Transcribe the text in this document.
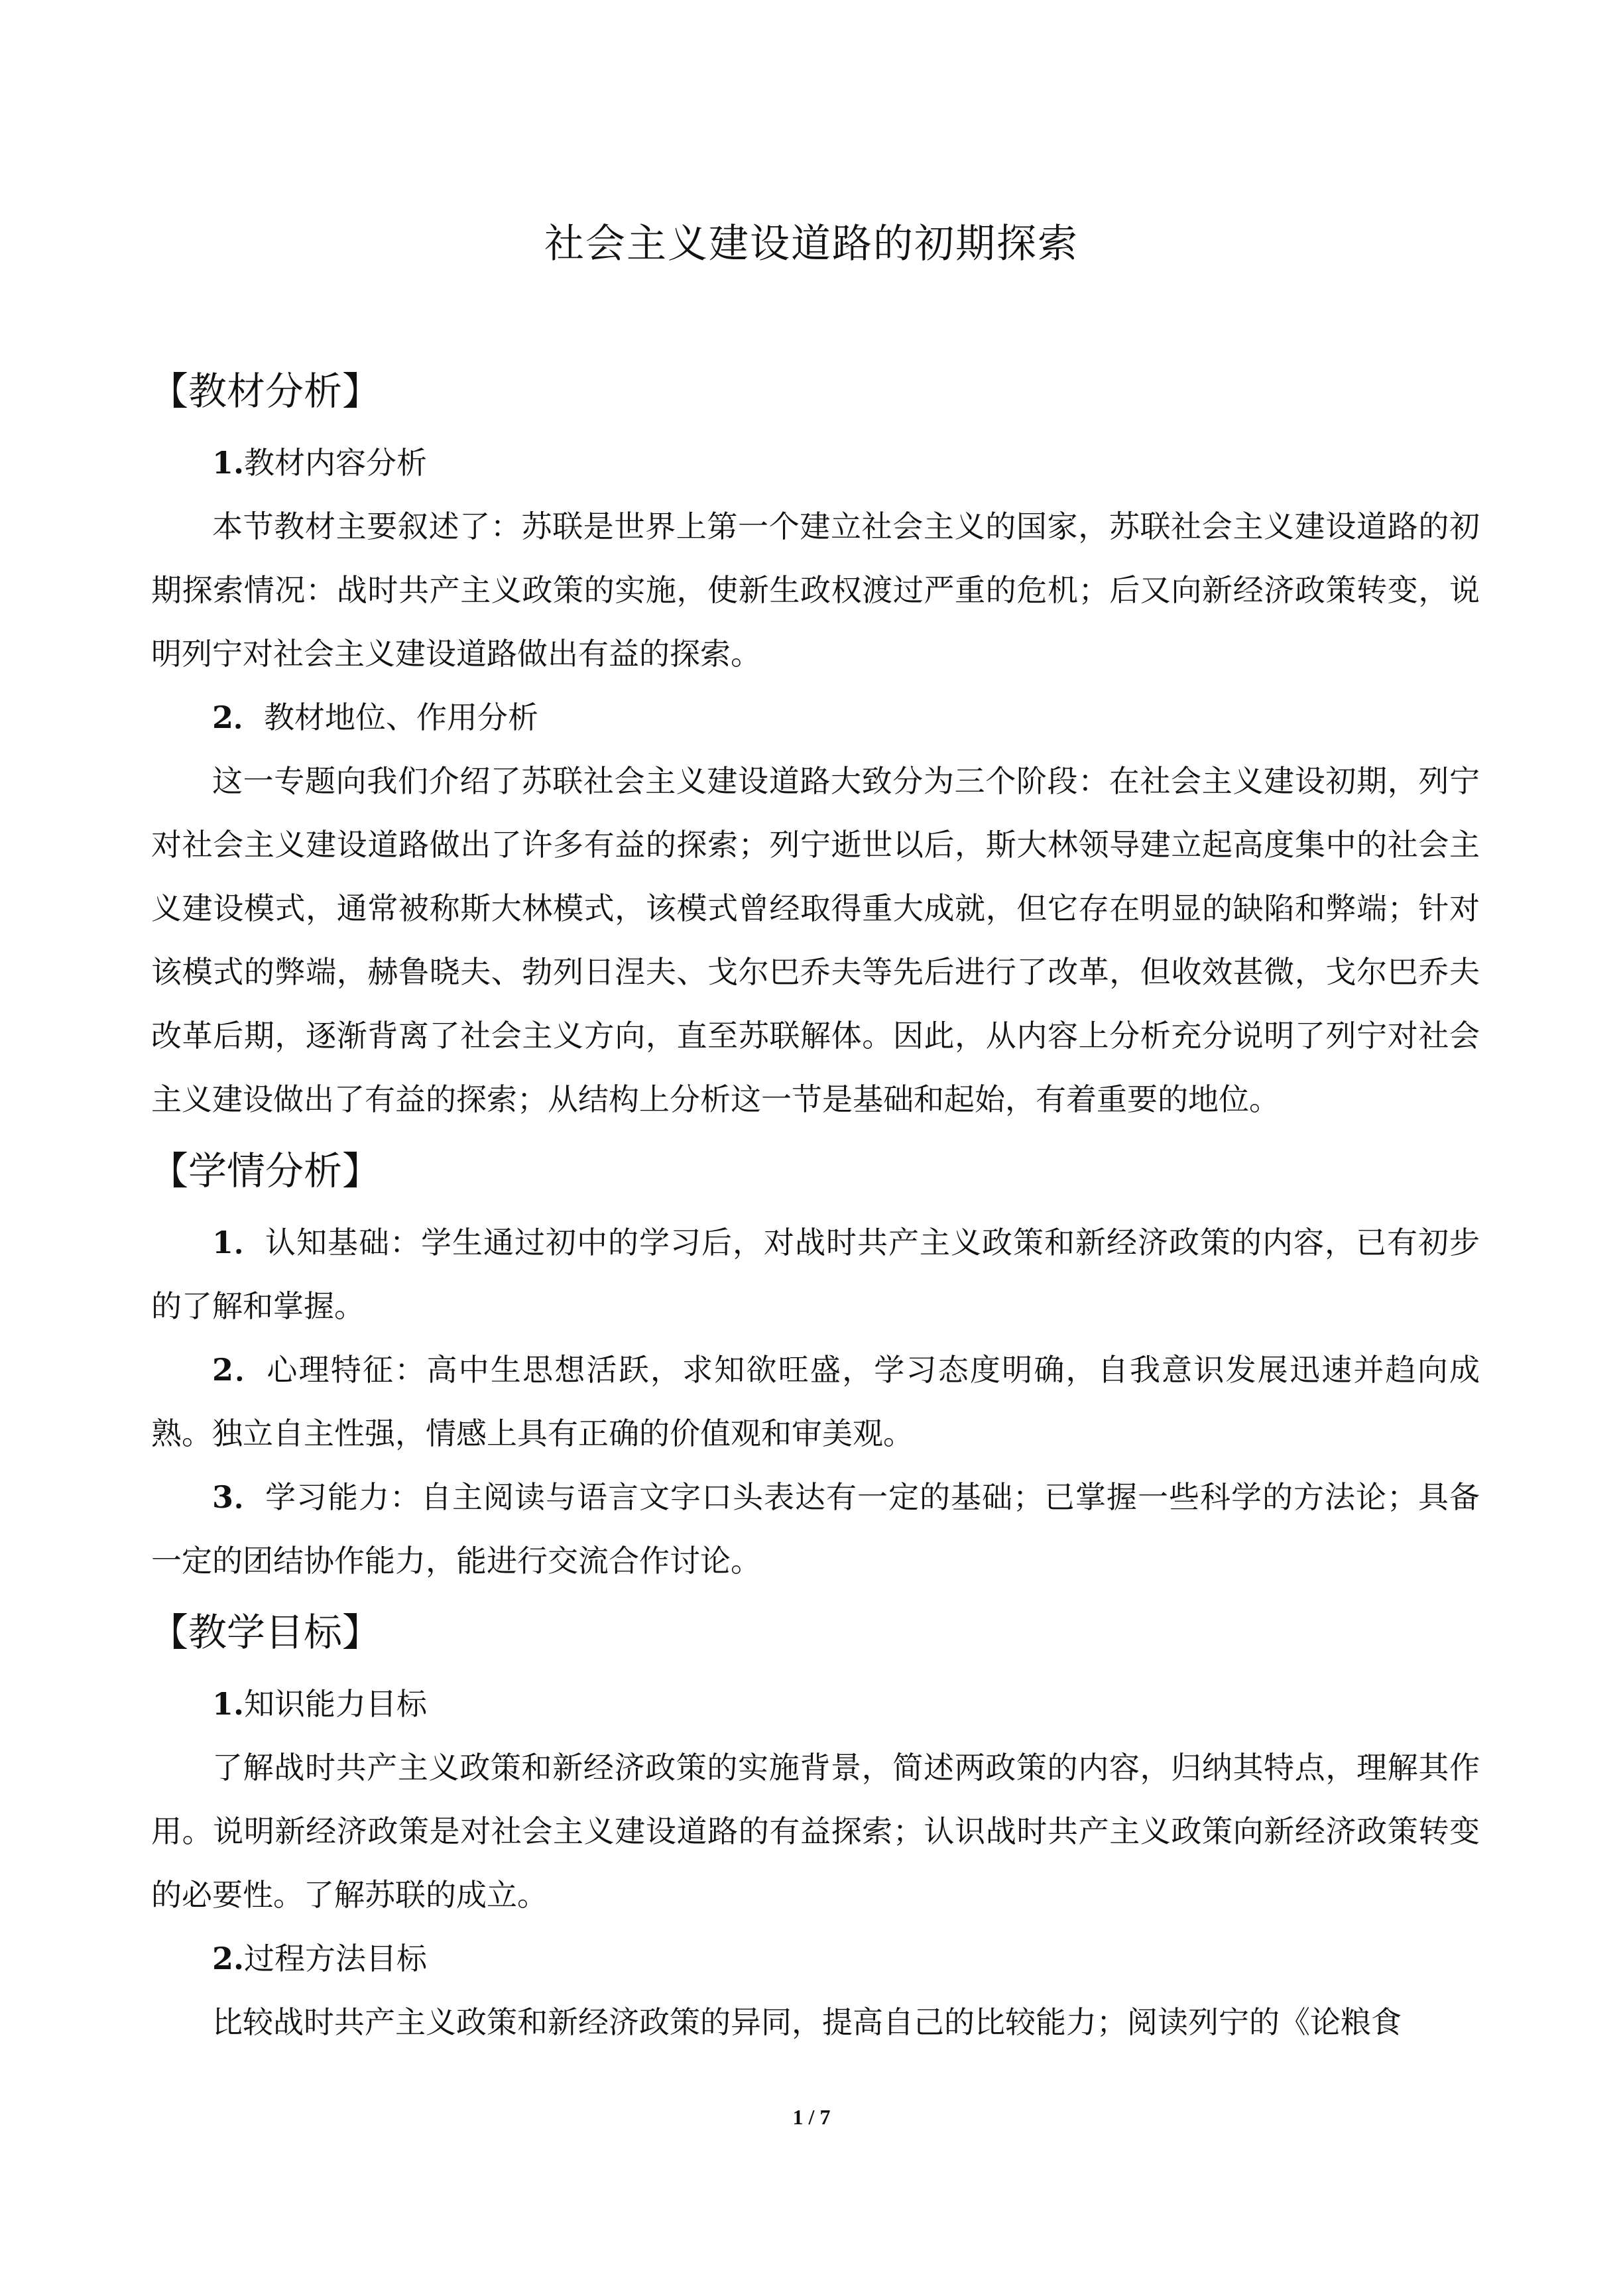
社会主义建设道路的初期探索
【教材分析】
1.教材内容分析

本节教材主要叙述了：苏联是世界上第一个建立社会主义的国家，苏联社会主义建设道路的初期探索情况：战时共产主义政策的实施，使新生政权渡过严重的危机；后又向新经济政策转变，说明列宁对社会主义建设道路做出有益的探索。

2．教材地位、作用分析

这一专题向我们介绍了苏联社会主义建设道路大致分为三个阶段：在社会主义建设初期，列宁对社会主义建设道路做出了许多有益的探索；列宁逝世以后，斯大林领导建立起高度集中的社会主义建设模式，通常被称斯大林模式，该模式曾经取得重大成就，但它存在明显的缺陷和弊端；针对该模式的弊端，赫鲁晓夫、勃列日涅夫、戈尔巴乔夫等先后进行了改革，但收效甚微，戈尔巴乔夫改革后期，逐渐背离了社会主义方向，直至苏联解体。因此，从内容上分析充分说明了列宁对社会主义建设做出了有益的探索；从结构上分析这一节是基础和起始，有着重要的地位。

【学情分析】

1．认知基础：学生通过初中的学习后，对战时共产主义政策和新经济政策的内容，已有初步的了解和掌握。

2．心理特征：高中生思想活跃，求知欲旺盛，学习态度明确，自我意识发展迅速并趋向成熟。独立自主性强，情感上具有正确的价值观和审美观。

3．学习能力：自主阅读与语言文字口头表达有一定的基础；已掌握一些科学的方法论；具备一定的团结协作能力，能进行交流合作讨论。

【教学目标】
1.知识能力目标

了解战时共产主义政策和新经济政策的实施背景，简述两政策的内容，归纳其特点，理解其作用。说明新经济政策是对社会主义建设道路的有益探索；认识战时共产主义政策向新经济政策转变的必要性。了解苏联的成立。

2.过程方法目标

比较战时共产主义政策和新经济政策的异同，提高自己的比较能力；阅读列宁的《论粮食

1 / 7
